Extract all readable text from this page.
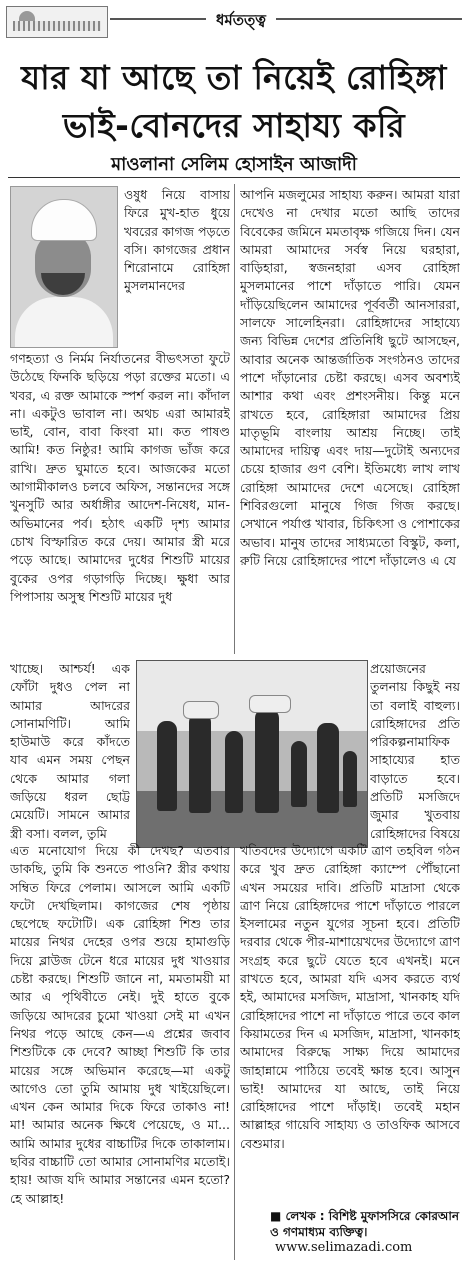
ধর্মতত্ত্ব
যার যা আছে তা নিয়েই রোহিঙ্গা
ভাই-বোনদের সাহায্য করি
মাওলানা সেলিম হোসাইন আজাদী
ওষুধ নিয়ে বাসায় ফিরে মুখ-হাত ধুয়ে খবরের কাগজ পড়তে বসি। কাগজের প্রধান শিরোনামে রোহিঙ্গা মুসলমানদের
গণহত্যা ও নির্মম নির্যাতনের বীভৎসতা ফুটে উঠেছে ফিনকি ছড়িয়ে পড়া রক্তের মতো। এ খবর, এ রক্ত আমাকে স্পর্শ করল না। কাঁদাল না। একটুও ভাবাল না। অথচ এরা আমারই ভাই, বোন, বাবা কিংবা মা। কত পাষণ্ড আমি! কত নিষ্ঠুর! আমি কাগজ ভাঁজ করে রাখি। দ্রুত ঘুমাতে হবে। আজকের মতো আগামীকালও চলবে অফিস, সন্তানদের সঙ্গে খুনসুটি আর অর্ধাঙ্গীর আদেশ-নিষেধ, মান-অভিমানের পর্ব। হঠাৎ একটি দৃশ্য আমার চোখ বিস্ফারিত করে দেয়। আমার স্ত্রী মরে পড়ে আছে। আমাদের দুধের শিশুটি মায়ের বুকের ওপর গড়াগড়ি দিচ্ছে। ক্ষুধা আর পিপাসায় অসুস্থ শিশুটি মায়ের দুধ
খাচ্ছে। আশ্চর্য! এক ফোঁটা দুধও পেল না আমার আদরের সোনামণিটি। আমি হাউমাউ করে কাঁদতে যাব এমন সময় পেছন থেকে আমার গলা জড়িয়ে ধরল ছোট্ট মেয়েটি। সামনে আমার স্ত্রী বসা। বলল, তুমি
এত মনোযোগ দিয়ে কী দেখছ? এতবার ডাকছি, তুমি কি শুনতে পাওনি? স্ত্রীর কথায় সম্বিত ফিরে পেলাম। আসলে আমি একটি ফটো দেখছিলাম। কাগজের শেষ পৃষ্ঠায় ছেপেছে ফটোটি। এক রোহিঙ্গা শিশু তার মায়ের নিথর দেহের ওপর শুয়ে হামাগুড়ি দিয়ে ব্লাউজ টেনে ধরে মায়ের দুধ খাওয়ার চেষ্টা করছে। শিশুটি জানে না, মমতাময়ী মা আর এ পৃথিবীতে নেই। দুই হাতে বুকে জড়িয়ে আদরের চুমো খাওয়া সেই মা এখন নিথর পড়ে আছে কেন—এ প্রশ্নের জবাব শিশুটিকে কে দেবে? আচ্ছা শিশুটি কি তার মায়ের সঙ্গে অভিমান করেছে—মা একটু আগেও তো তুমি আমায় দুধ খাইয়েছিলে। এখন কেন আমার দিকে ফিরে তাকাও না! মা! আমার অনেক ক্ষিধে পেয়েছে, ও মা... আমি আমার দুধের বাচ্চাটির দিকে তাকালাম। ছবির বাচ্চাটি তো আমার সোনামণির মতোই। হায়! আজ যদি আমার সন্তানের এমন হতো? হে আল্লাহ!
আপনি মজলুমের সাহায্য করুন। আমরা যারা দেখেও না দেখার মতো আছি তাদের বিবেকের জমিনে মমতাবৃক্ষ গজিয়ে দিন। যেন আমরা আমাদের সর্বস্ব নিয়ে ঘরহারা, বাড়িহারা, স্বজনহারা এসব রোহিঙ্গা মুসলমানের পাশে দাঁড়াতে পারি। যেমন দাঁড়িয়েছিলেন আমাদের পূর্ববর্তী আনসাররা, সালফে সালেহিনরা। রোহিঙ্গাদের সাহায্যে জন্য বিভিন্ন দেশের প্রতিনিধি ছুটে আসছেন, আবার অনেক আন্তর্জাতিক সংগঠনও তাদের পাশে দাঁড়ানোর চেষ্টা করছে। এসব অবশ্যই আশার কথা এবং প্রশংসনীয়। কিন্তু মনে রাখতে হবে, রোহিঙ্গারা আমাদের প্রিয় মাতৃভূমি বাংলায় আশ্রয় নিচ্ছে। তাই আমাদের দায়িত্ব এবং দায়—দুটোই অন্যদের চেয়ে হাজার গুণ বেশি। ইতিমধ্যে লাখ লাখ রোহিঙ্গা আমাদের দেশে এসেছে। রোহিঙ্গা শিবিরগুলো মানুষে গিজ গিজ করছে। সেখানে পর্যাপ্ত খাবার, চিকিৎসা ও পোশাকের অভাব। মানুষ তাদের সাধ্যমতো বিস্কুট, কলা, রুটি নিয়ে রোহিঙ্গাদের পাশে দাঁড়ালেও এ যে
প্রয়োজনের তুলনায় কিছুই নয় তা বলাই বাহুল্য। রোহিঙ্গাদের প্রতি পরিকল্পনামাফিক সাহায্যের হাত বাড়াতে হবে। প্রতিটি মসজিদে জুমার খুতবায় রোহিঙ্গাদের বিষয়ে
খতিবদের উদ্যোগে একটি ত্রাণ তহবিল গঠন করে খুব দ্রুত রোহিঙ্গা ক্যাম্পে পৌঁছানো এখন সময়ের দাবি। প্রতিটি মাদ্রাসা থেকে ত্রাণ নিয়ে রোহিঙ্গাদের পাশে দাঁড়াতে পারলে ইসলামের নতুন যুগের সূচনা হবে। প্রতিটি দরবার থেকে পীর-মাশায়েখদের উদ্যোগে ত্রাণ সংগ্রহ করে ছুটে যেতে হবে এখনই। মনে রাখতে হবে, আমরা যদি এসব করতে ব্যর্থ হই, আমাদের মসজিদ, মাদ্রাসা, খানকাহ যদি রোহিঙ্গাদের পাশে না দাঁড়াতে পারে তবে কাল কিয়ামতের দিন এ মসজিদ, মাদ্রাসা, খানকাহ আমাদের বিরুদ্ধে সাক্ষ্য দিয়ে আমাদের জাহান্নামে পাঠিয়ে তবেই ক্ষান্ত হবে। আসুন ভাই! আমাদের যা আছে, তাই নিয়ে রোহিঙ্গাদের পাশে দাঁড়াই। তবেই মহান আল্লাহর গায়েবি সাহায্য ও তাওফিক আসবে বেশুমার।
■ লেখক : বিশিষ্ট মুফাসসিরে কোরআন ও গণমাধ্যম ব্যক্তিত্ব।
www.selimazadi.com
